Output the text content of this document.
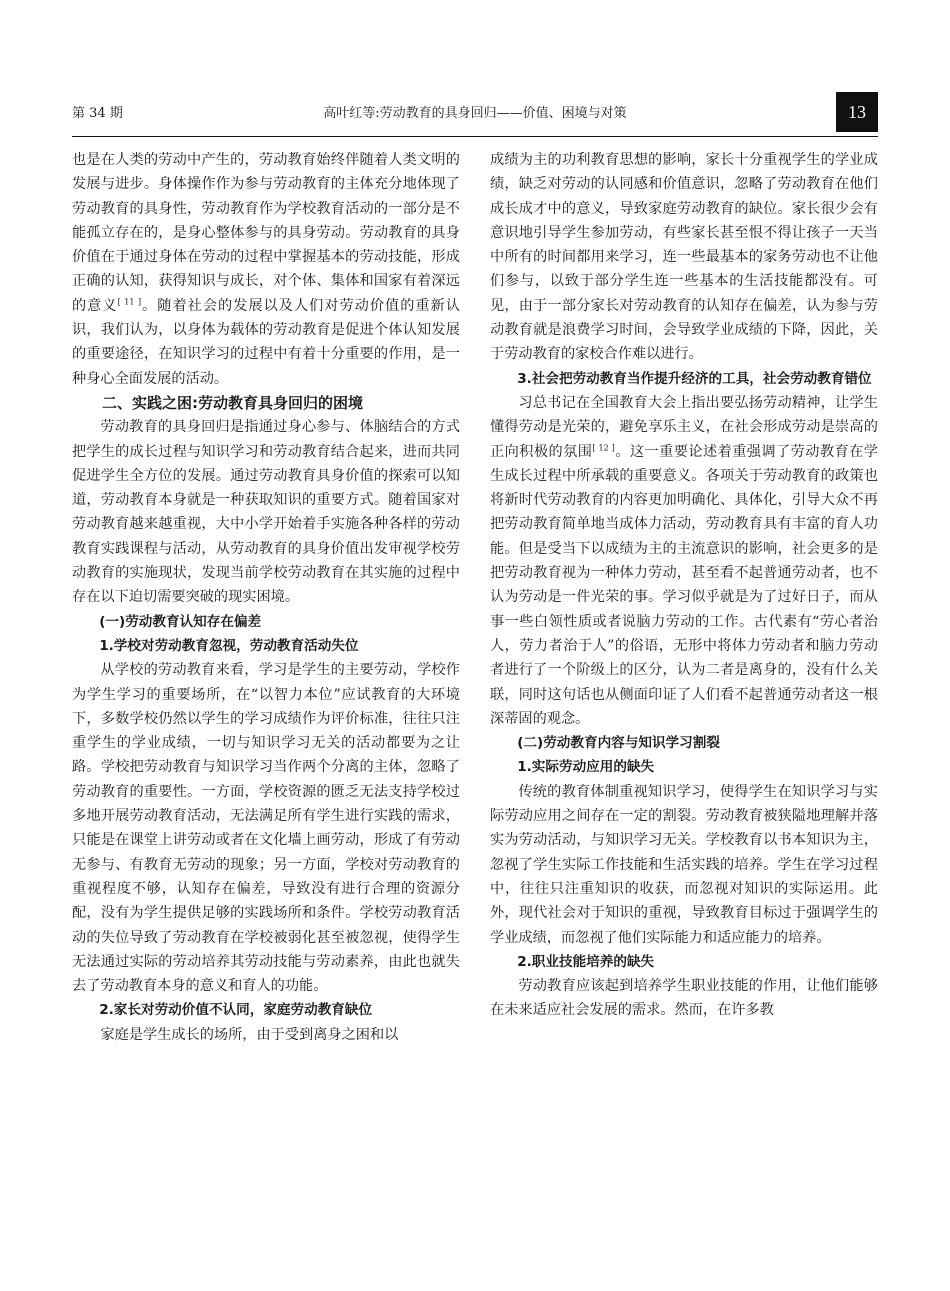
第 34 期	高叶红等:劳动教育的具身回归——价值、困境与对策	13

也是在人类的劳动中产生的，劳动教育始终伴随着人类文明的发展与进步。身体操作作为参与劳动教育的主体充分地体现了劳动教育的具身性，劳动教育作为学校教育活动的一部分是不能孤立存在的，是身心整体参与的具身劳动。劳动教育的具身价值在于通过身体在劳动的过程中掌握基本的劳动技能，形成正确的认知，获得知识与成长，对个体、集体和国家有着深远的意义[ 11 ]。随着社会的发展以及人们对劳动价值的重新认识，我们认为，以身体为载体的劳动教育是促进个体认知发展的重要途径，在知识学习的过程中有着十分重要的作用，是一种身心全面发展的活动。

二、实践之困:劳动教育具身回归的困境

劳动教育的具身回归是指通过身心参与、体脑结合的方式把学生的成长过程与知识学习和劳动教育结合起来，进而共同促进学生全方位的发展。通过劳动教育具身价值的探索可以知道，劳动教育本身就是一种获取知识的重要方式。随着国家对劳动教育越来越重视，大中小学开始着手实施各种各样的劳动教育实践课程与活动，从劳动教育的具身价值出发审视学校劳动教育的实施现状，发现当前学校劳动教育在其实施的过程中存在以下迫切需要突破的现实困境。

(一)劳动教育认知存在偏差

1.学校对劳动教育忽视，劳动教育活动失位

从学校的劳动教育来看，学习是学生的主要劳动，学校作为学生学习的重要场所，在“以智力本位”应试教育的大环境下，多数学校仍然以学生的学习成绩作为评价标准，往往只注重学生的学业成绩，一切与知识学习无关的活动都要为之让路。学校把劳动教育与知识学习当作两个分离的主体，忽略了劳动教育的重要性。一方面，学校资源的匮乏无法支持学校过多地开展劳动教育活动，无法满足所有学生进行实践的需求，只能是在课堂上讲劳动或者在文化墙上画劳动，形成了有劳动无参与、有教育无劳动的现象；另一方面，学校对劳动教育的重视程度不够，认知存在偏差，导致没有进行合理的资源分配，没有为学生提供足够的实践场所和条件。学校劳动教育活动的失位导致了劳动教育在学校被弱化甚至被忽视，使得学生无法通过实际的劳动培养其劳动技能与劳动素养，由此也就失去了劳动教育本身的意义和育人的功能。

2.家长对劳动价值不认同，家庭劳动教育缺位

家庭是学生成长的场所，由于受到离身之困和以

成绩为主的功利教育思想的影响，家长十分重视学生的学业成绩，缺乏对劳动的认同感和价值意识，忽略了劳动教育在他们成长成才中的意义，导致家庭劳动教育的缺位。家长很少会有意识地引导学生参加劳动，有些家长甚至恨不得让孩子一天当中所有的时间都用来学习，连一些最基本的家务劳动也不让他们参与，以致于部分学生连一些基本的生活技能都没有。可见，由于一部分家长对劳动教育的认知存在偏差，认为参与劳动教育就是浪费学习时间，会导致学业成绩的下降，因此，关于劳动教育的家校合作难以进行。

3.社会把劳动教育当作提升经济的工具，社会劳动教育错位

习总书记在全国教育大会上指出要弘扬劳动精神，让学生懂得劳动是光荣的，避免享乐主义，在社会形成劳动是崇高的正向积极的氛围[ 12 ]。这一重要论述着重强调了劳动教育在学生成长过程中所承载的重要意义。各项关于劳动教育的政策也将新时代劳动教育的内容更加明确化、具体化，引导大众不再把劳动教育简单地当成体力活动，劳动教育具有丰富的育人功能。但是受当下以成绩为主的主流意识的影响，社会更多的是把劳动教育视为一种体力劳动，甚至看不起普通劳动者，也不认为劳动是一件光荣的事。学习似乎就是为了过好日子，而从事一些白领性质或者说脑力劳动的工作。古代素有“劳心者治人，劳力者治于人”的俗语，无形中将体力劳动者和脑力劳动者进行了一个阶级上的区分，认为二者是离身的，没有什么关联，同时这句话也从侧面印证了人们看不起普通劳动者这一根深蒂固的观念。

(二)劳动教育内容与知识学习割裂

1.实际劳动应用的缺失

传统的教育体制重视知识学习，使得学生在知识学习与实际劳动应用之间存在一定的割裂。劳动教育被狭隘地理解并落实为劳动活动，与知识学习无关。学校教育以书本知识为主，忽视了学生实际工作技能和生活实践的培养。学生在学习过程中，往往只注重知识的收获，而忽视对知识的实际运用。此外，现代社会对于知识的重视，导致教育目标过于强调学生的学业成绩，而忽视了他们实际能力和适应能力的培养。

2.职业技能培养的缺失

劳动教育应该起到培养学生职业技能的作用，让他们能够在未来适应社会发展的需求。然而，在许多教
